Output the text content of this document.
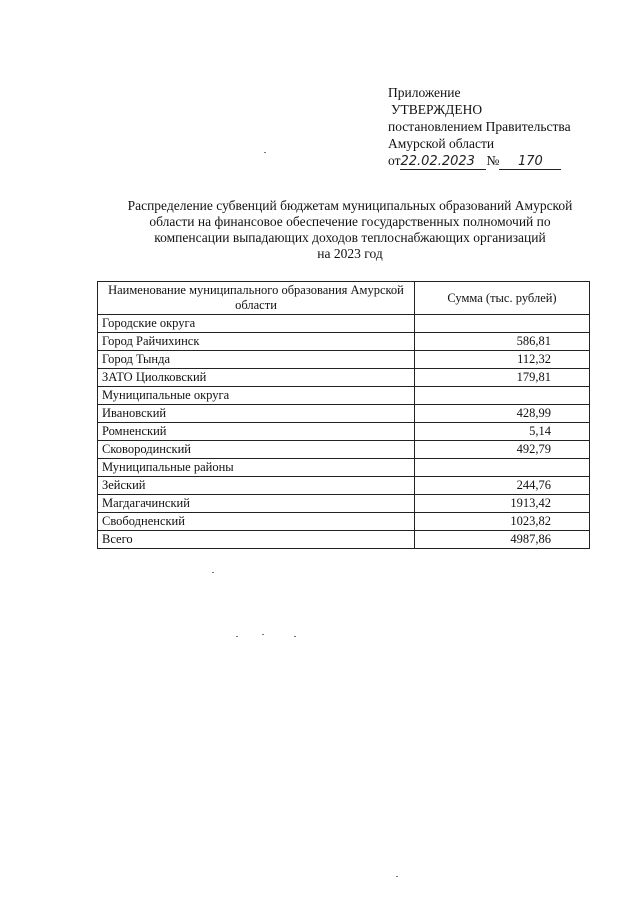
Приложение
УТВЕРЖДЕНО
постановлением Правительства
Амурской области
от22.02.2023 № 170
Распределение субвенций бюджетам муниципальных образований Амурской
области на финансовое обеспечение государственных полномочий по
компенсации выпадающих доходов теплоснабжающих организаций
на 2023 год
Наименование муниципального образования Амурской области	Сумма (тыс. рублей)
Городские округа	
Город Райчихинск	586,81
Город Тында	112,32
ЗАТО Циолковский	179,81
Муниципальные округа	
Ивановский	428,99
Ромненский	5,14
Сковородинский	492,79
Муниципальные районы	
Зейский	244,76
Магдагачинский	1913,42
Свободненский	1023,82
Всего	4987,86
